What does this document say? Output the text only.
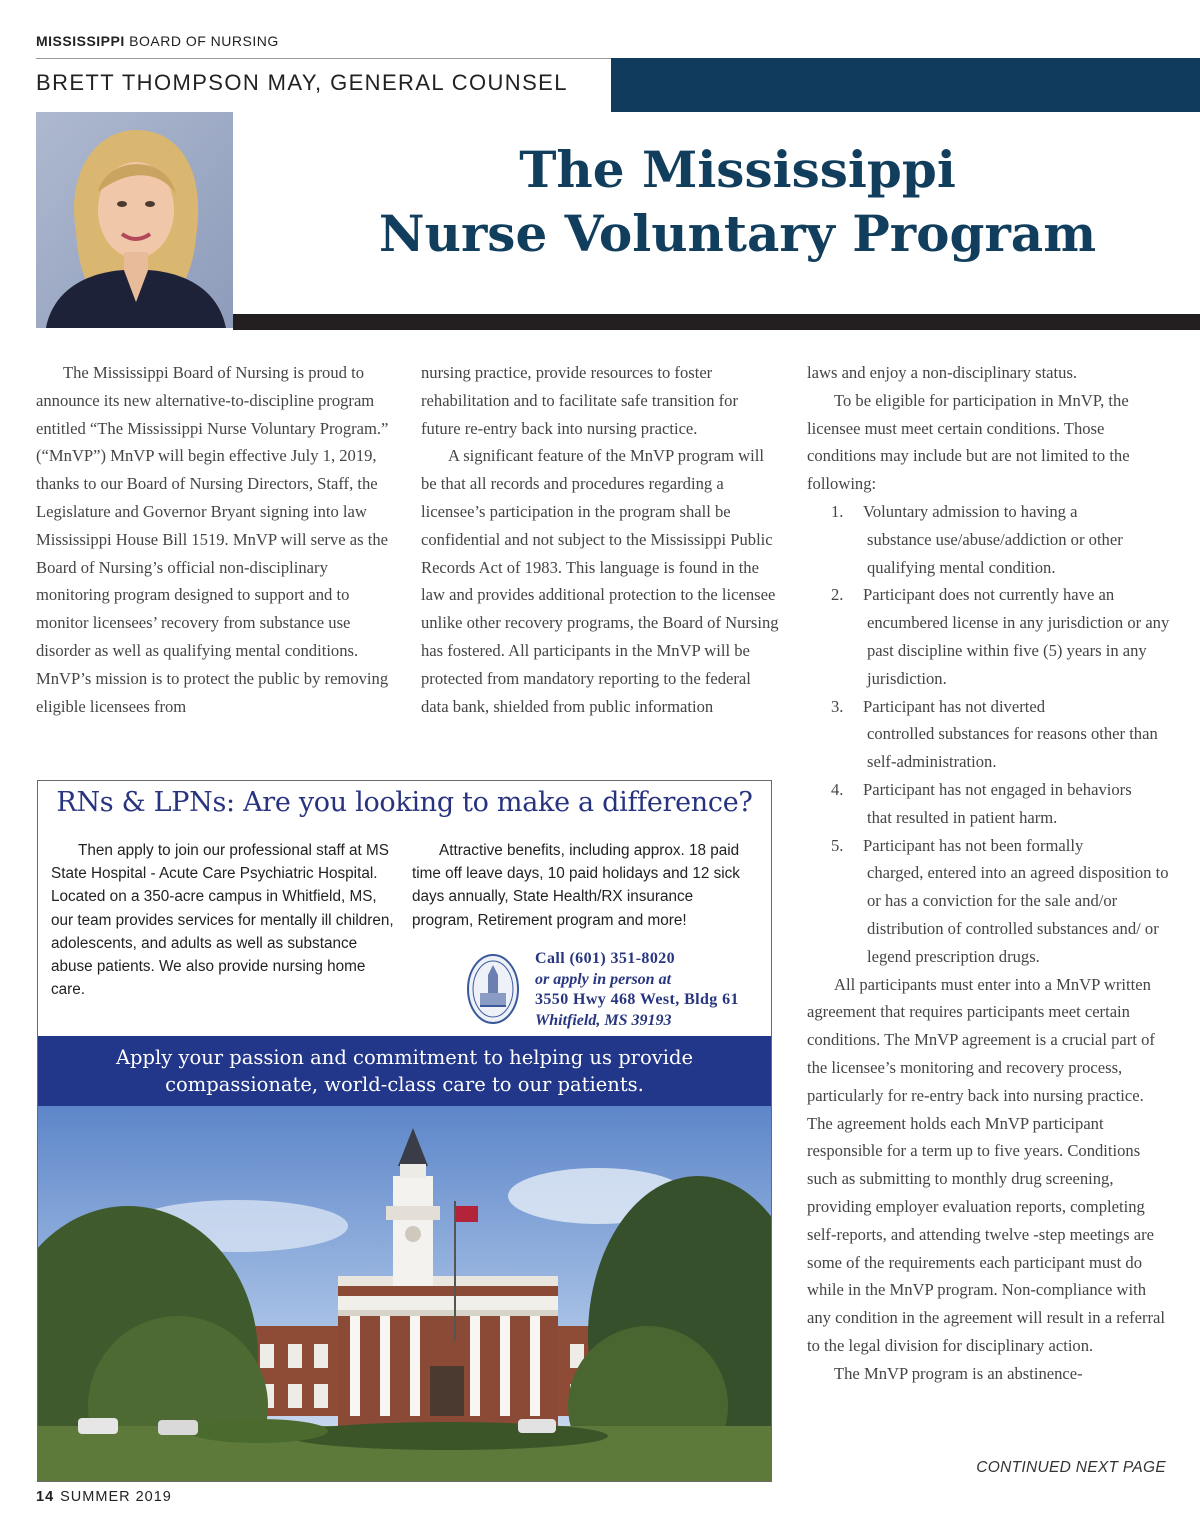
MISSISSIPPI BOARD OF NURSING
BRETT THOMPSON MAY, GENERAL COUNSEL
The Mississippi
Nurse Voluntary Program

The Mississippi Board of Nursing is proud to announce its new alternative-to-discipline program entitled “The Mississippi Nurse Voluntary Program.” (“MnVP”) MnVP will begin effective July 1, 2019, thanks to our Board of Nursing Directors, Staff, the Legislature and Governor Bryant signing into law Mississippi House Bill 1519. MnVP will serve as the Board of Nursing’s official non-disciplinary monitoring program designed to support and to monitor licensees’ recovery from substance use disorder as well as qualifying mental conditions. MnVP’s mission is to protect the public by removing eligible licensees from

nursing practice, provide resources to foster rehabilitation and to facilitate safe transition for future re-entry back into nursing practice.

A significant feature of the MnVP program will be that all records and procedures regarding a licensee’s participation in the program shall be confidential and not subject to the Mississippi Public Records Act of 1983. This language is found in the law and provides additional protection to the licensee unlike other recovery programs, the Board of Nursing has fostered. All participants in the MnVP will be protected from mandatory reporting to the federal data bank, shielded from public information

laws and enjoy a non-disciplinary status.

To be eligible for participation in MnVP, the licensee must meet certain conditions. Those conditions may include but are not limited to the following:

1. Voluntary admission to having a
substance use/abuse/addiction or other qualifying mental condition.
2. Participant does not currently have an
encumbered license in any jurisdiction or any past discipline within five (5) years in any jurisdiction.
3. Participant has not diverted
controlled substances for reasons other than self-administration.
4. Participant has not engaged in behaviors
that resulted in patient harm.
5. Participant has not been formally
charged, entered into an agreed disposition to or has a conviction for the sale and/or distribution of controlled substances and/ or legend prescription drugs.

All participants must enter into a MnVP written agreement that requires participants meet certain conditions. The MnVP agreement is a crucial part of the licensee’s monitoring and recovery process, particularly for re-entry back into nursing practice. The agreement holds each MnVP participant responsible for a term up to five years. Conditions such as submitting to monthly drug screening, providing employer evaluation reports, completing self-reports, and attending twelve -step meetings are some of the requirements each participant must do while in the MnVP program. Non-compliance with any condition in the agreement will result in a referral to the legal division for disciplinary action.

The MnVP program is an abstinence-

RNs & LPNs: Are you looking to make a difference?
Then apply to join our professional staff at MS State Hospital - Acute Care Psychiatric Hospital. Located on a 350-acre campus in Whitfield, MS, our team provides services for mentally ill children, adolescents, and adults as well as substance abuse patients. We also provide nursing home care.
Attractive benefits, including approx. 18 paid time off leave days, 10 paid holidays and 12 sick days annually, State Health/RX insurance program, Retirement program and more!
Call (601) 351-8020
or apply in person at
3550 Hwy 468 West, Bldg 61
Whitfield, MS 39193
Apply your passion and commitment to helping us provide
compassionate, world-class care to our patients.
CONTINUED NEXT PAGE
14 SUMMER 2019
